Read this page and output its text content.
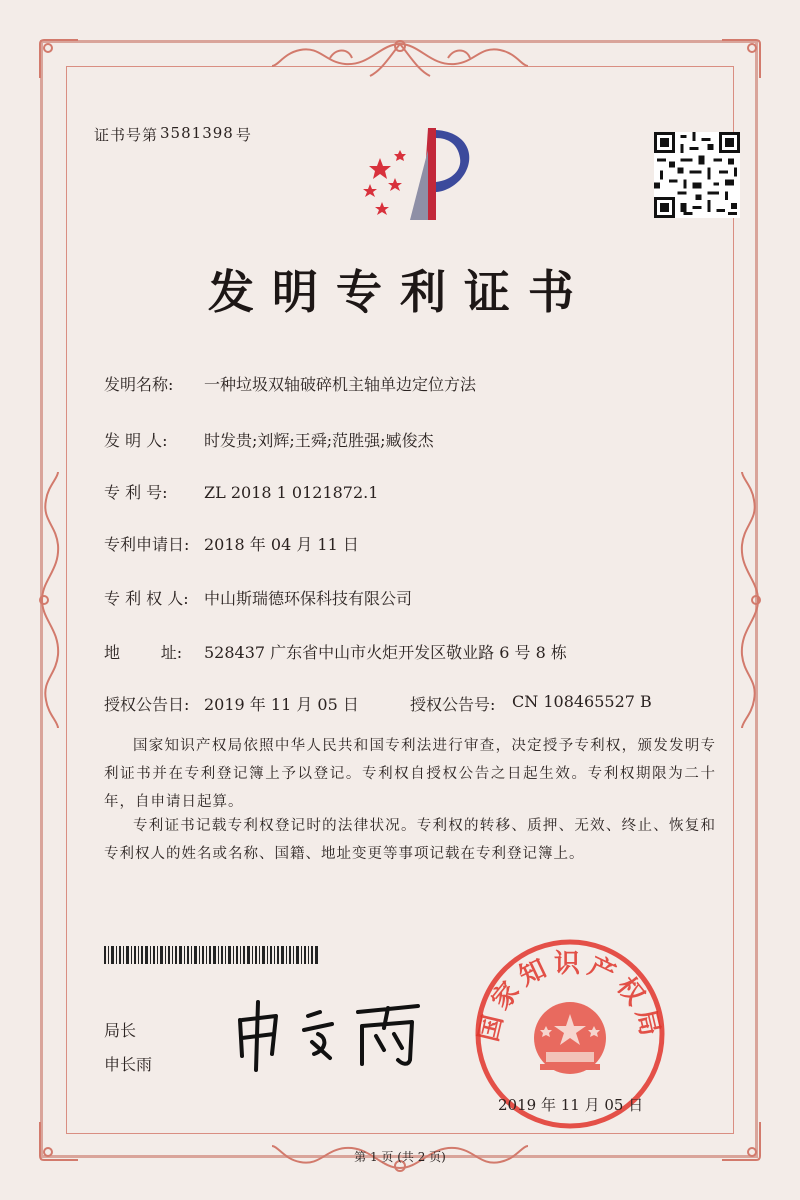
证书号第 3581398 号
发明专利证书
发明名称:	一种垃圾双轴破碎机主轴单边定位方法
发 明 人:	时发贵;刘辉;王舜;范胜强;臧俊杰
专 利 号:	ZL 2018 1 0121872.1
专利申请日: 2018 年 04 月 11 日
专 利 权 人: 中山斯瑞德环保科技有限公司
地        址:	528437 广东省中山市火炬开发区敬业路 6 号 8 栋
授权公告日: 2019 年 11 月 05 日	授权公告号:	CN 108465527 B
国家知识产权局依照中华人民共和国专利法进行审查，决定授予专利权，颁发发明专利证书并在专利登记簿上予以登记。专利权自授权公告之日起生效。专利权期限为二十年，自申请日起算。
专利证书记载专利权登记时的法律状况。专利权的转移、质押、无效、终止、恢复和专利权人的姓名或名称、国籍、地址变更等事项记载在专利登记簿上。
局长
申长雨
国家知识产权局
2019 年 11 月 05 日
第 1 页 (共 2 页)
